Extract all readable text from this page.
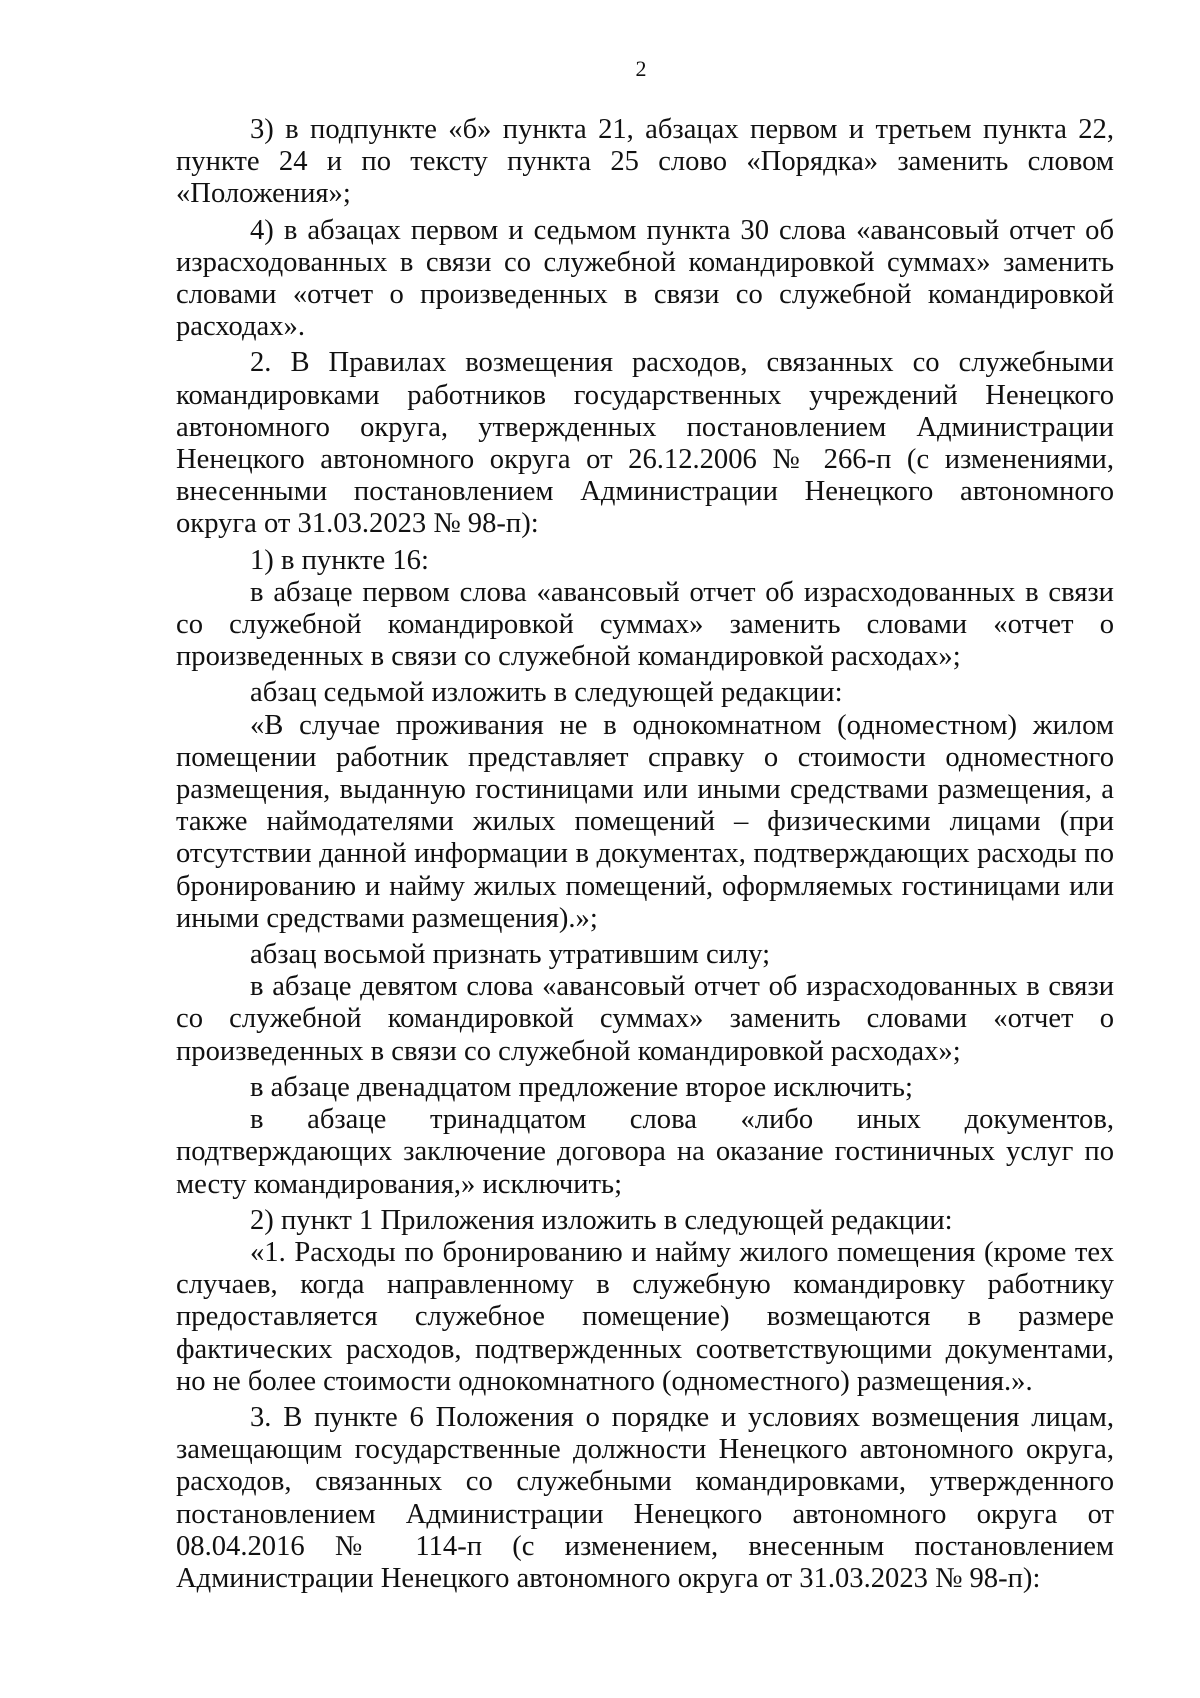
2

3) в подпункте «б» пункта 21, абзацах первом и третьем пункта 22, пункте 24 и по тексту пункта 25 слово «Порядка» заменить словом «Положения»;

4) в абзацах первом и седьмом пункта 30 слова «авансовый отчет об израсходованных в связи со служебной командировкой суммах» заменить словами «отчет о произведенных в связи со служебной командировкой расходах».

2. В Правилах возмещения расходов, связанных со служебными командировками работников государственных учреждений Ненецкого автономного округа, утвержденных постановлением Администрации Ненецкого автономного округа от 26.12.2006 № 266-п (с изменениями, внесенными постановлением Администрации Ненецкого автономного округа от 31.03.2023 № 98-п):

1) в пункте 16:

в абзаце первом слова «авансовый отчет об израсходованных в связи со служебной командировкой суммах» заменить словами «отчет о произведенных в связи со служебной командировкой расходах»;

абзац седьмой изложить в следующей редакции:

«В случае проживания не в однокомнатном (одноместном) жилом помещении работник представляет справку о стоимости одноместного размещения, выданную гостиницами или иными средствами размещения, а также наймодателями жилых помещений – физическими лицами (при отсутствии данной информации в документах, подтверждающих расходы по бронированию и найму жилых помещений, оформляемых гостиницами или иными средствами размещения).»;

абзац восьмой признать утратившим силу;

в абзаце девятом слова «авансовый отчет об израсходованных в связи со служебной командировкой суммах» заменить словами «отчет о произведенных в связи со служебной командировкой расходах»;

в абзаце двенадцатом предложение второе исключить;

в абзаце тринадцатом слова «либо иных документов, подтверждающих заключение договора на оказание гостиничных услуг по месту командирования,» исключить;

2) пункт 1 Приложения изложить в следующей редакции:

«1. Расходы по бронированию и найму жилого помещения (кроме тех случаев, когда направленному в служебную командировку работнику предоставляется служебное помещение) возмещаются в размере фактических расходов, подтвержденных соответствующими документами, но не более стоимости однокомнатного (одноместного) размещения.».

3. В пункте 6 Положения о порядке и условиях возмещения лицам, замещающим государственные должности Ненецкого автономного округа, расходов, связанных со служебными командировками, утвержденного постановлением Администрации Ненецкого автономного округа от 08.04.2016 № 114-п (с изменением, внесенным постановлением Администрации Ненецкого автономного округа от 31.03.2023 № 98-п):
